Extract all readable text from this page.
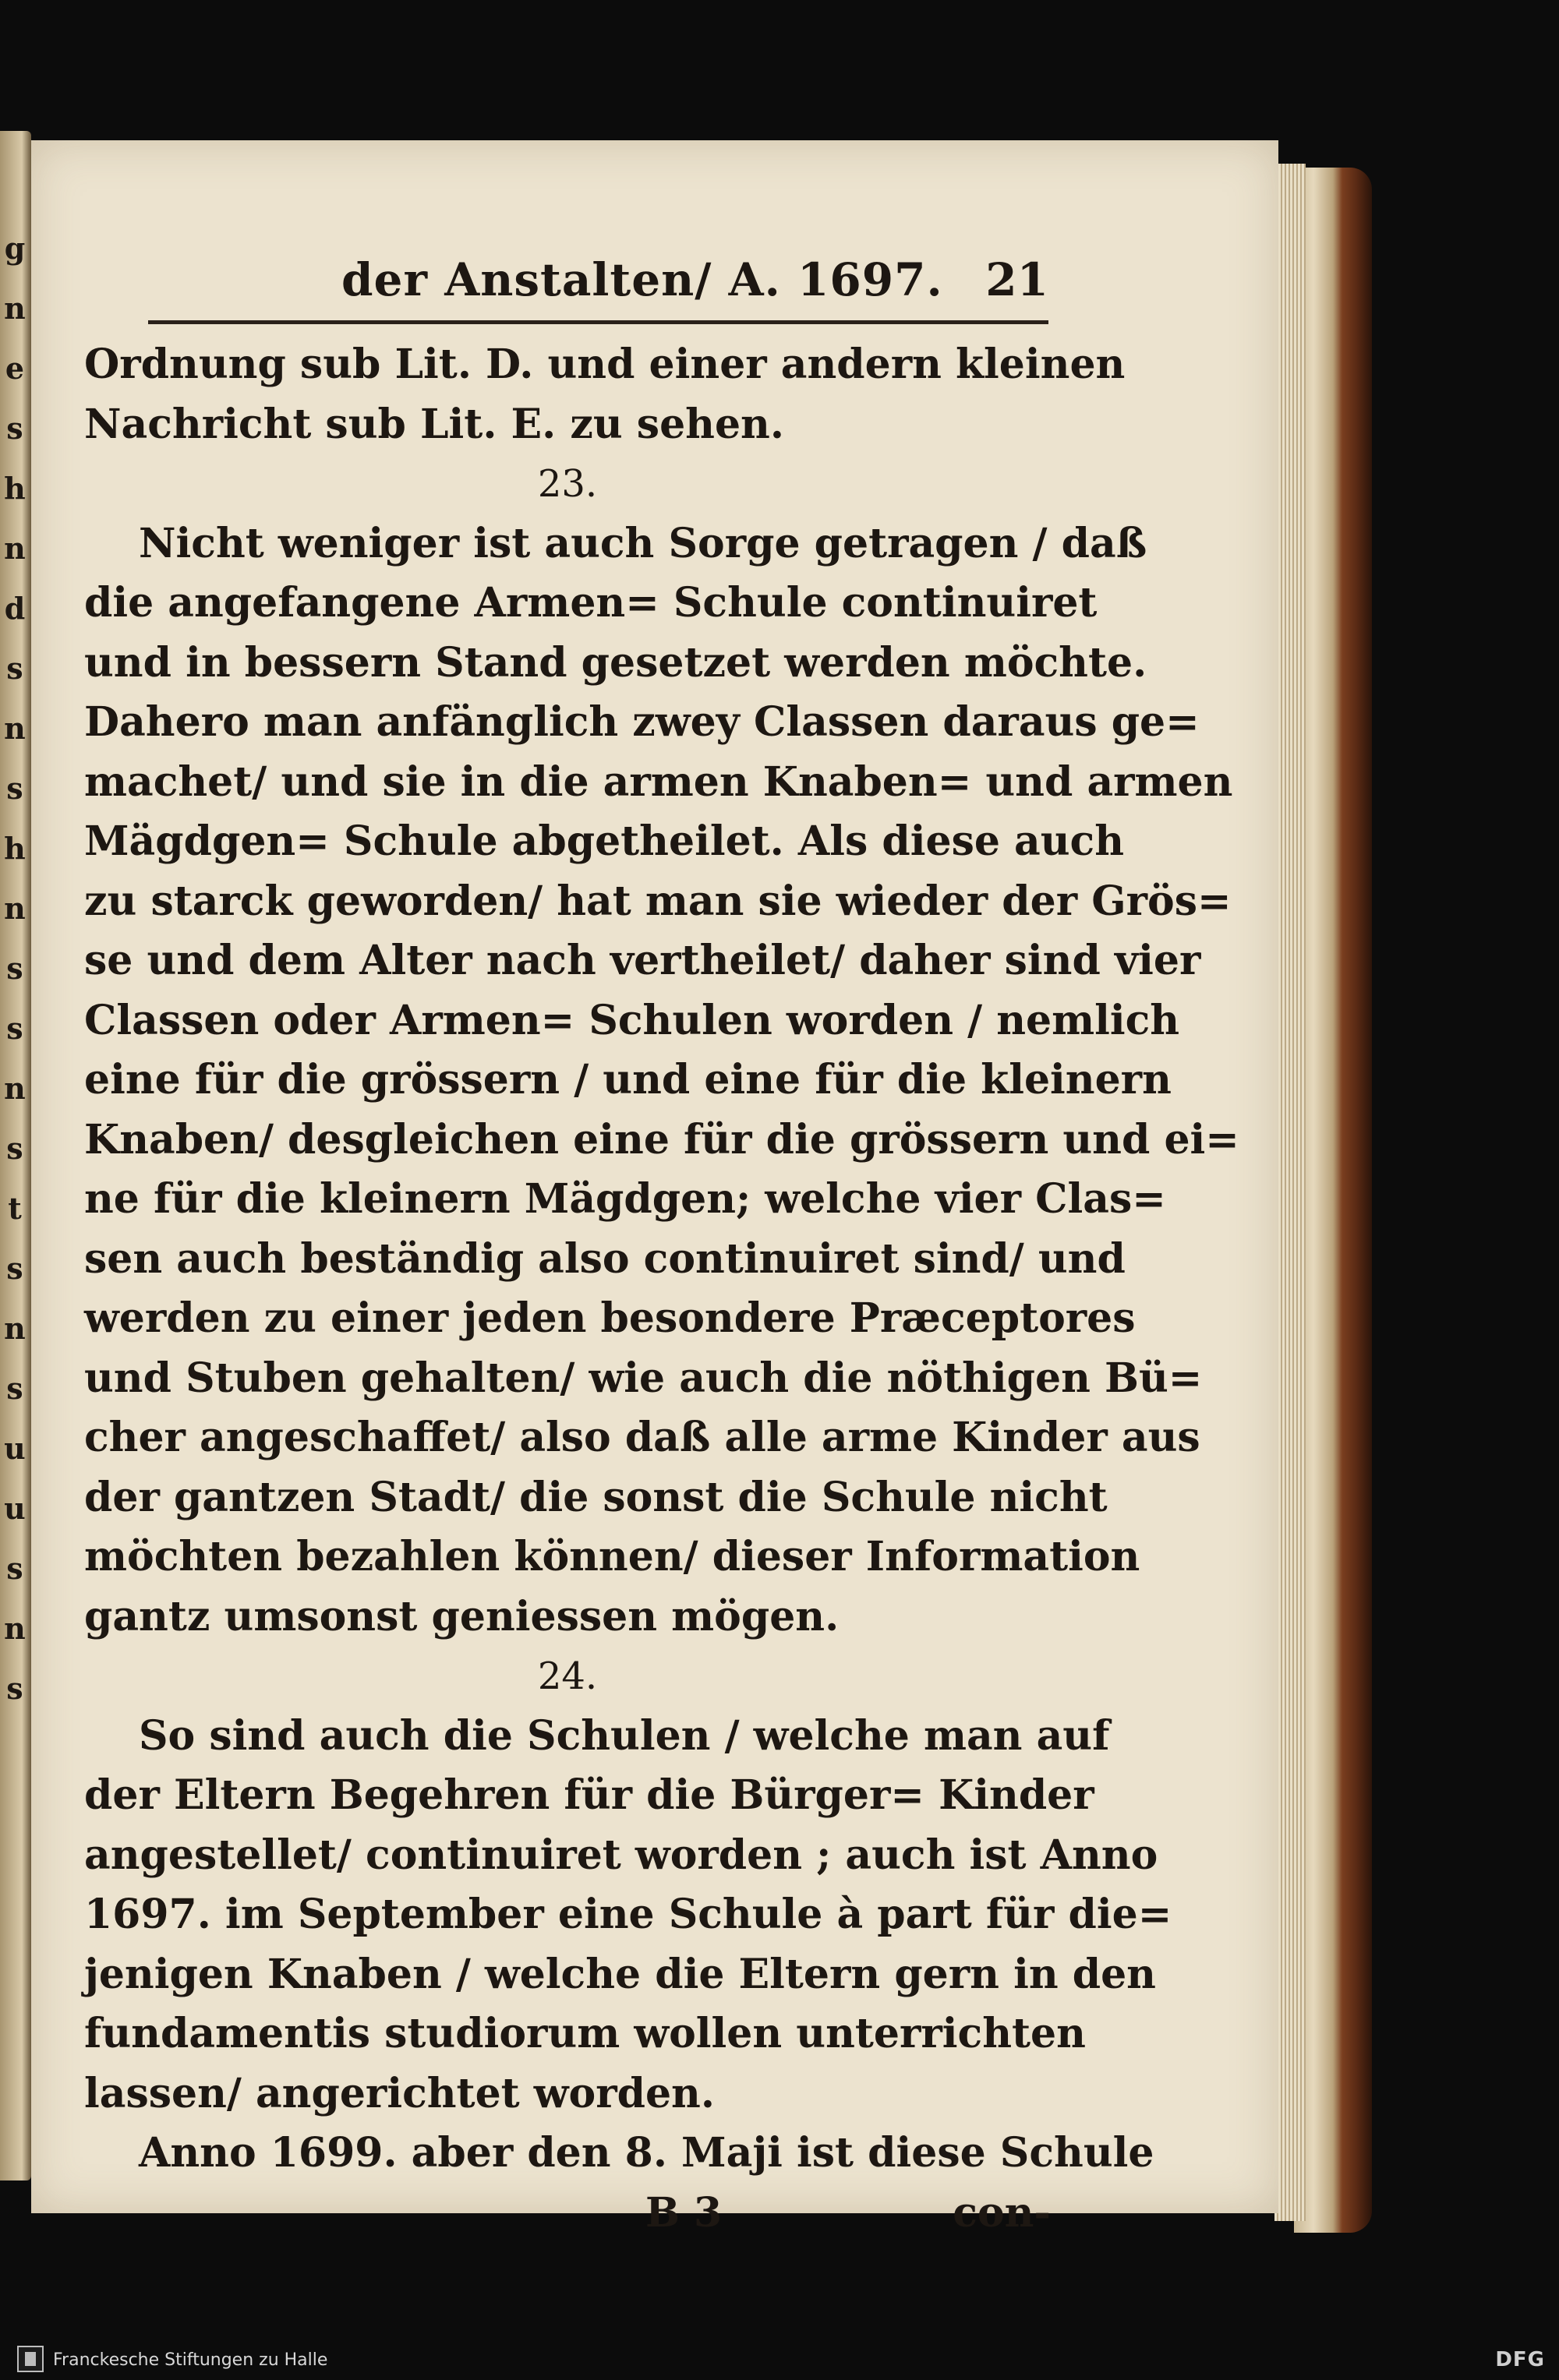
g
n
e
s
h
n
d
s
n
s
h
n
s
s
n
s
t
s
n
s
u
u
s
n
s
der Anstalten/ A. 1697. 21
Ordnung sub Lit. D. und einer andern kleinen
Nachricht sub Lit. E. zu sehen.
23.
Nicht weniger ist auch Sorge getragen / daß
die angefangene Armen= Schule continuiret
und in bessern Stand gesetzet werden möchte.
Dahero man anfänglich zwey Classen daraus ge=
machet/ und sie in die armen Knaben= und armen
Mägdgen= Schule abgetheilet. Als diese auch
zu starck geworden/ hat man sie wieder der Grös=
se und dem Alter nach vertheilet/ daher sind vier
Classen oder Armen= Schulen worden / nemlich
eine für die grössern / und eine für die kleinern
Knaben/ desgleichen eine für die grössern und ei=
ne für die kleinern Mägdgen; welche vier Clas=
sen auch beständig also continuiret sind/ und
werden zu einer jeden besondere Præceptores
und Stuben gehalten/ wie auch die nöthigen Bü=
cher angeschaffet/ also daß alle arme Kinder aus
der gantzen Stadt/ die sonst die Schule nicht
möchten bezahlen können/ dieser Information
gantz umsonst geniessen mögen.
24.
So sind auch die Schulen / welche man auf
der Eltern Begehren für die Bürger= Kinder
angestellet/ continuiret worden ; auch ist Anno
1697. im September eine Schule à part für die=
jenigen Knaben / welche die Eltern gern in den
fundamentis studiorum wollen unterrichten
lassen/ angerichtet worden.
Anno 1699. aber den 8. Maji ist diese Schule
B 3	con-
Franckesche Stiftungen zu Halle	DFG
